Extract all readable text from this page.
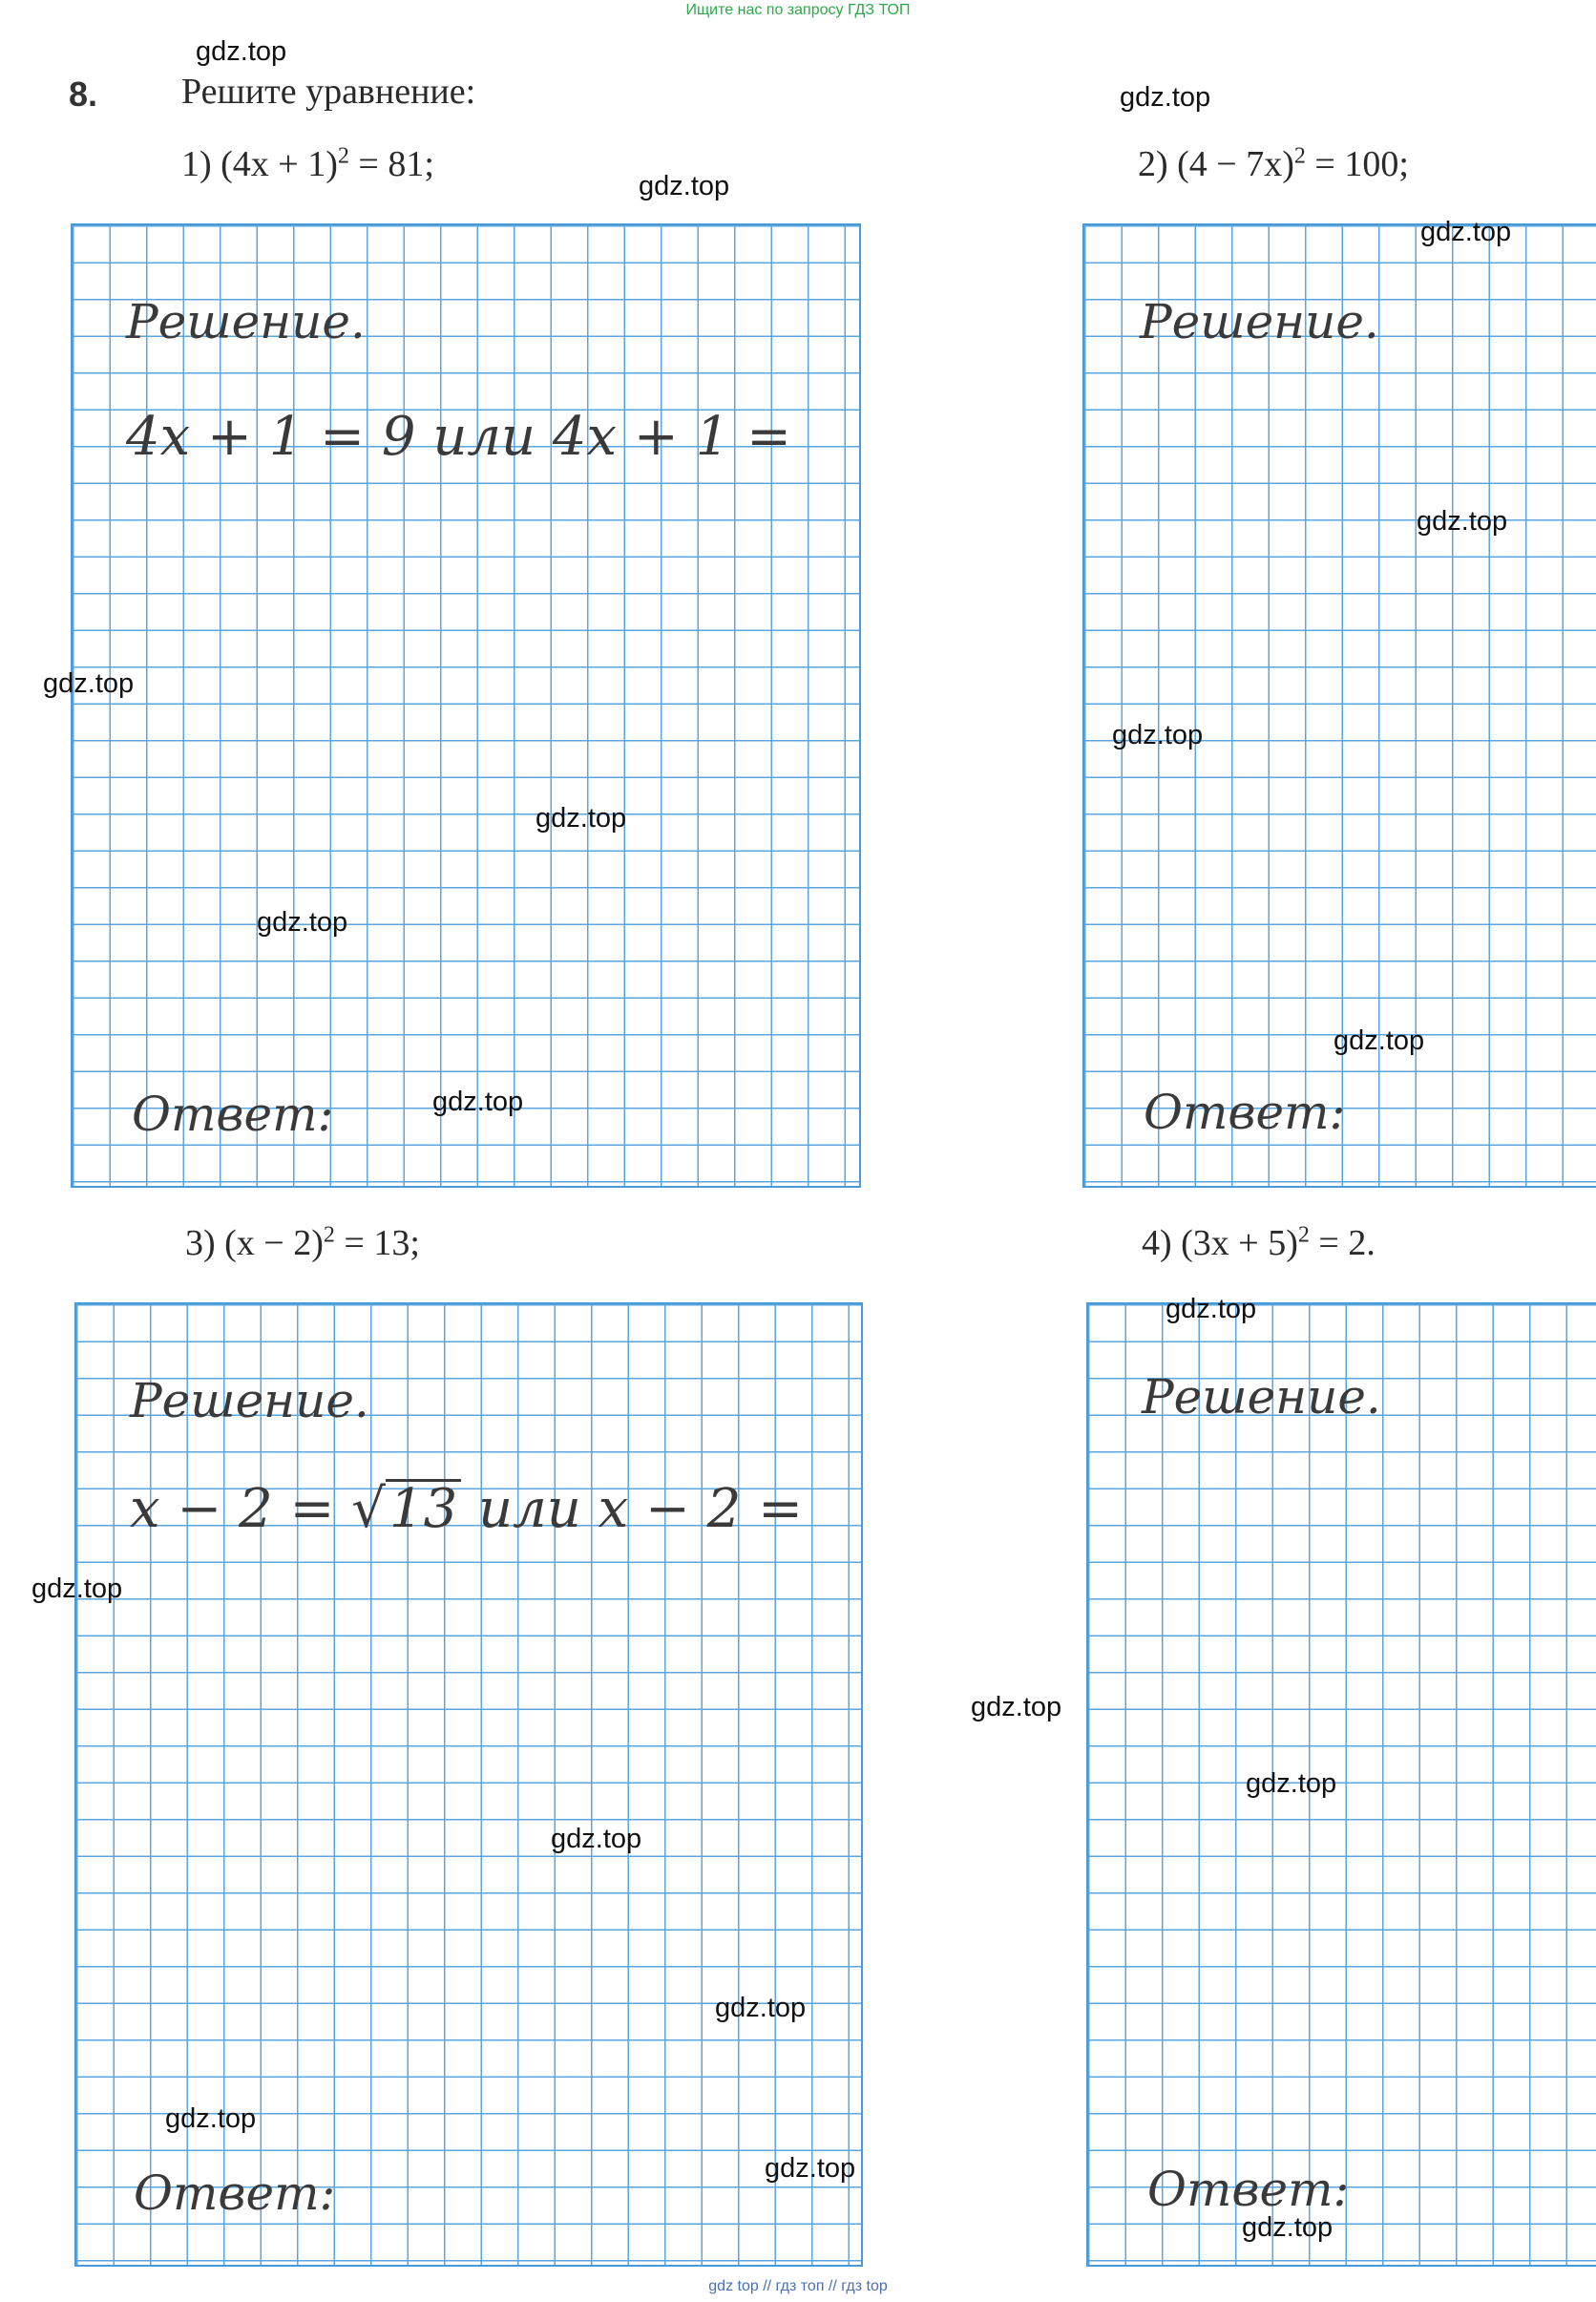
Ищите нас по запросу ГДЗ ТОП
8. Решите уравнение:
1) $(4x + 1)^2 = 81$;	2) $(4 - 7x)^2 = 100$;
Решение.
4x + 1 = 9 или 4x + 1 =
Ответ:
Решение.
Ответ:
3) $(x - 2)^2 = 13$;	4) $(3x + 5)^2 = 2$.
Решение.
x − 2 = √13 или x − 2 =
Ответ:
Решение.
Ответ:
gdz.top
gdz.top
gdz.top
gdz.top
gdz.top
gdz.top
gdz.top
gdz.top
gdz.top
gdz.top
gdz.top
gdz.top
gdz.top
gdz.top
gdz.top
gdz.top
gdz.top
gdz.top
gdz.top
gdz.top
gdz top // гдз топ // гдз top
